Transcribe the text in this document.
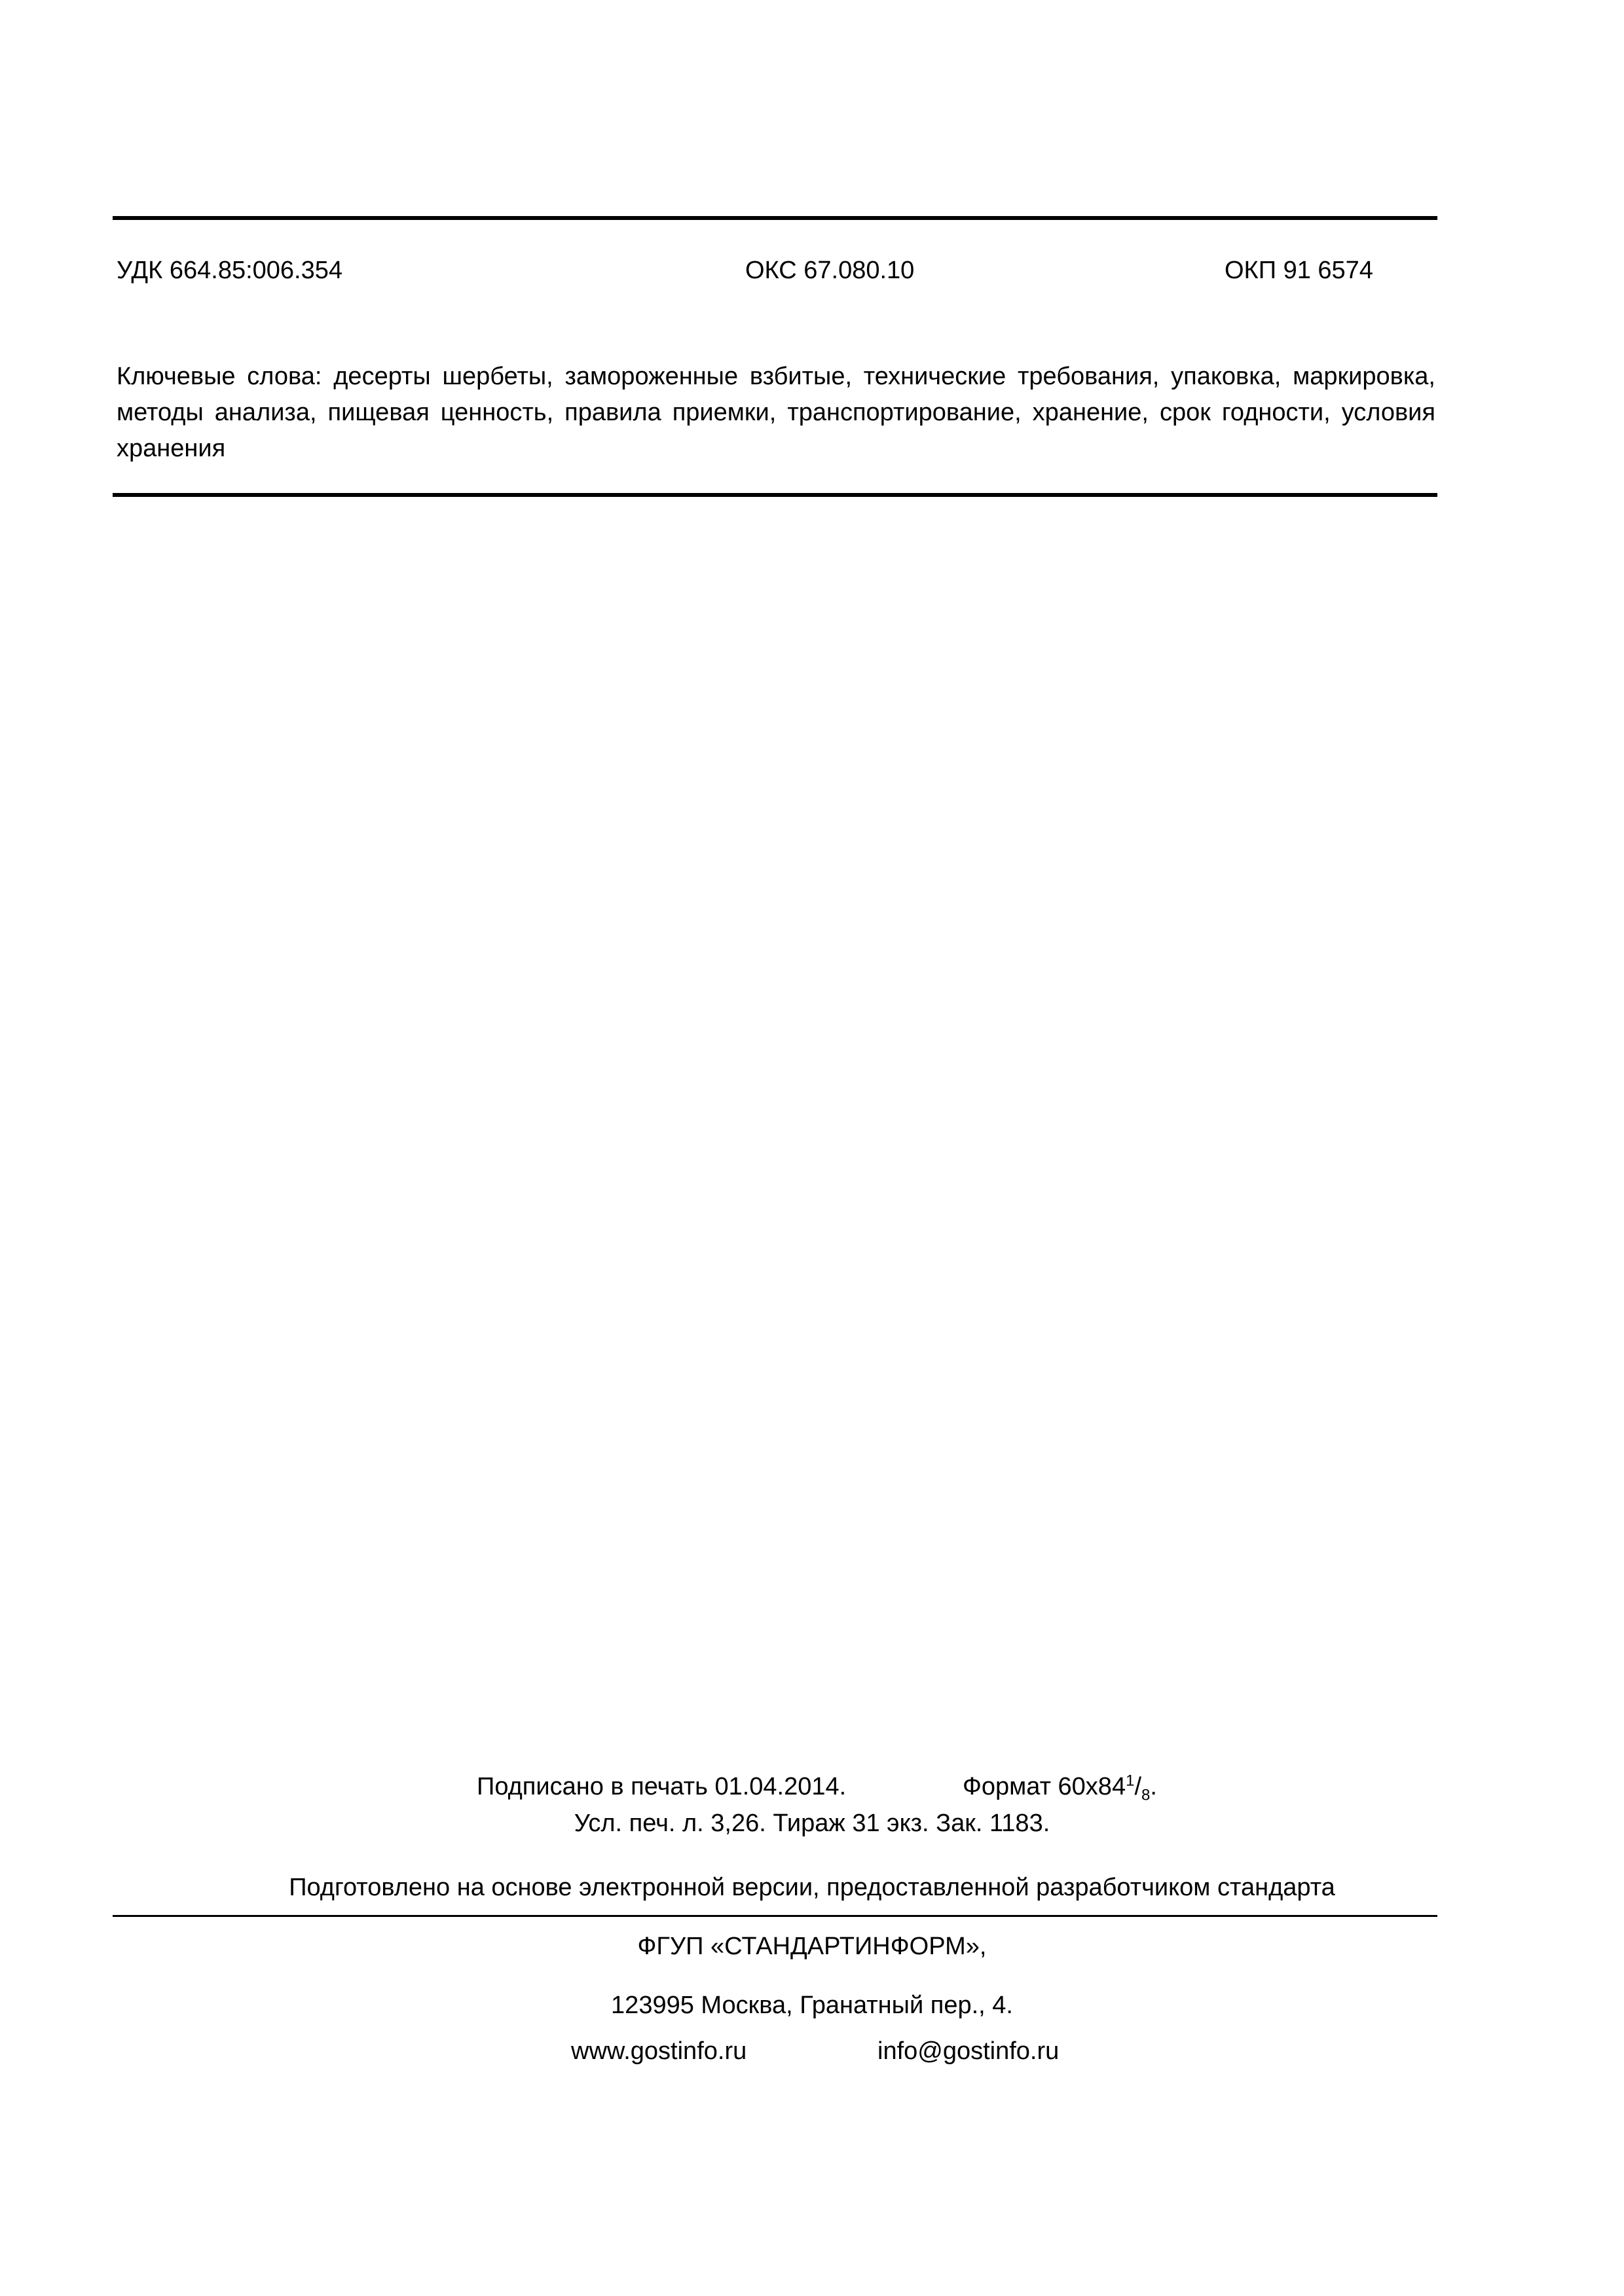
УДК 664.85:006.354	ОКС 67.080.10	ОКП 91 6574
Ключевые слова: десерты шербеты, замороженные взбитые, технические требования, упаковка, маркировка, методы анализа, пищевая ценность, правила приемки, транспортирование, хранение, срок годности, условия хранения
Подписано в печать 01.04.2014.	Формат $60x84^1/_8$.
Усл. печ. л. 3,26. Тираж 31 экз. Зак. 1183.
Подготовлено на основе электронной версии, предоставленной разработчиком стандарта
ФГУП «СТАНДАРТИНФОРМ»,
123995 Москва, Гранатный пер., 4.
www.gostinfo.ru	info@gostinfo.ru
